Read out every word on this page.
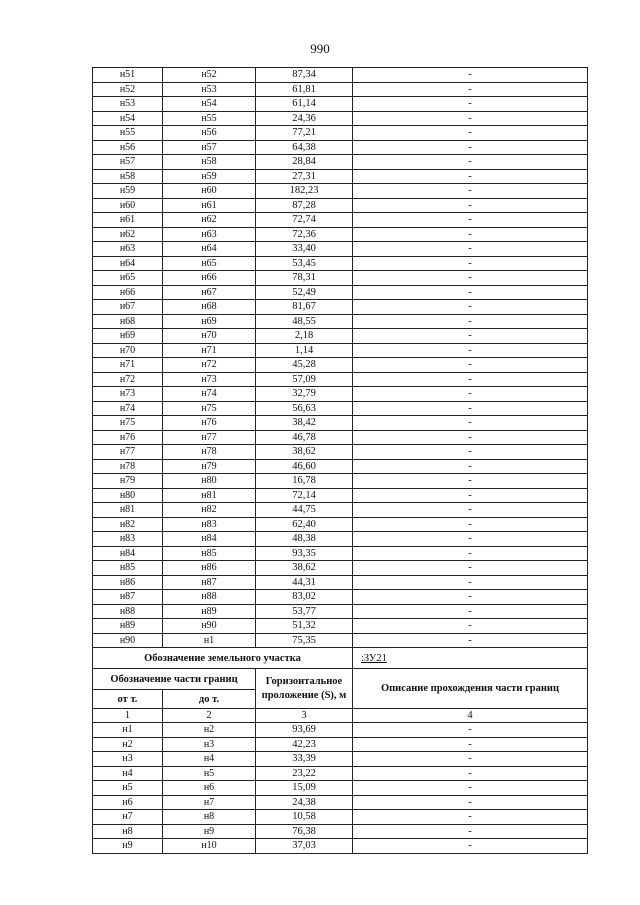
990
н51	н52	87,34	-
н52	н53	61,81	-
н53	н54	61,14	-
н54	н55	24,36	-
н55	н56	77,21	-
н56	н57	64,38	-
н57	н58	28,84	-
н58	н59	27,31	-
н59	н60	182,23	-
н60	н61	87,28	-
н61	н62	72,74	-
н62	н63	72,36	-
н63	н64	33,40	-
н64	н65	53,45	-
н65	н66	78,31	-
н66	н67	52,49	-
н67	н68	81,67	-
н68	н69	48,55	-
н69	н70	2,18	-
н70	н71	1,14	-
н71	н72	45,28	-
н72	н73	57,09	-
н73	н74	32,79	-
н74	н75	56,63	-
н75	н76	38,42	-
н76	н77	46,78	-
н77	н78	38,62	-
н78	н79	46,60	-
н79	н80	16,78	-
н80	н81	72,14	-
н81	н82	44,75	-
н82	н83	62,40	-
н83	н84	48,38	-
н84	н85	93,35	-
н85	н86	38,62	-
н86	н87	44,31	-
н87	н88	83,02	-
н88	н89	53,77	-
н89	н90	51,32	-
н90	н1	75,35	-
Обозначение земельного участка			:ЗУ21
Обозначение части границ		Горизонтальное проложение (S), м	Описание прохождения части границ
от т.	до т.		
1	2	3	4
н1	н2	93,69	-
н2	н3	42,23	-
н3	н4	33,39	-
н4	н5	23,22	-
н5	н6	15,09	-
н6	н7	24,38	-
н7	н8	10,58	-
н8	н9	76,38	-
н9	н10	37,03	-
